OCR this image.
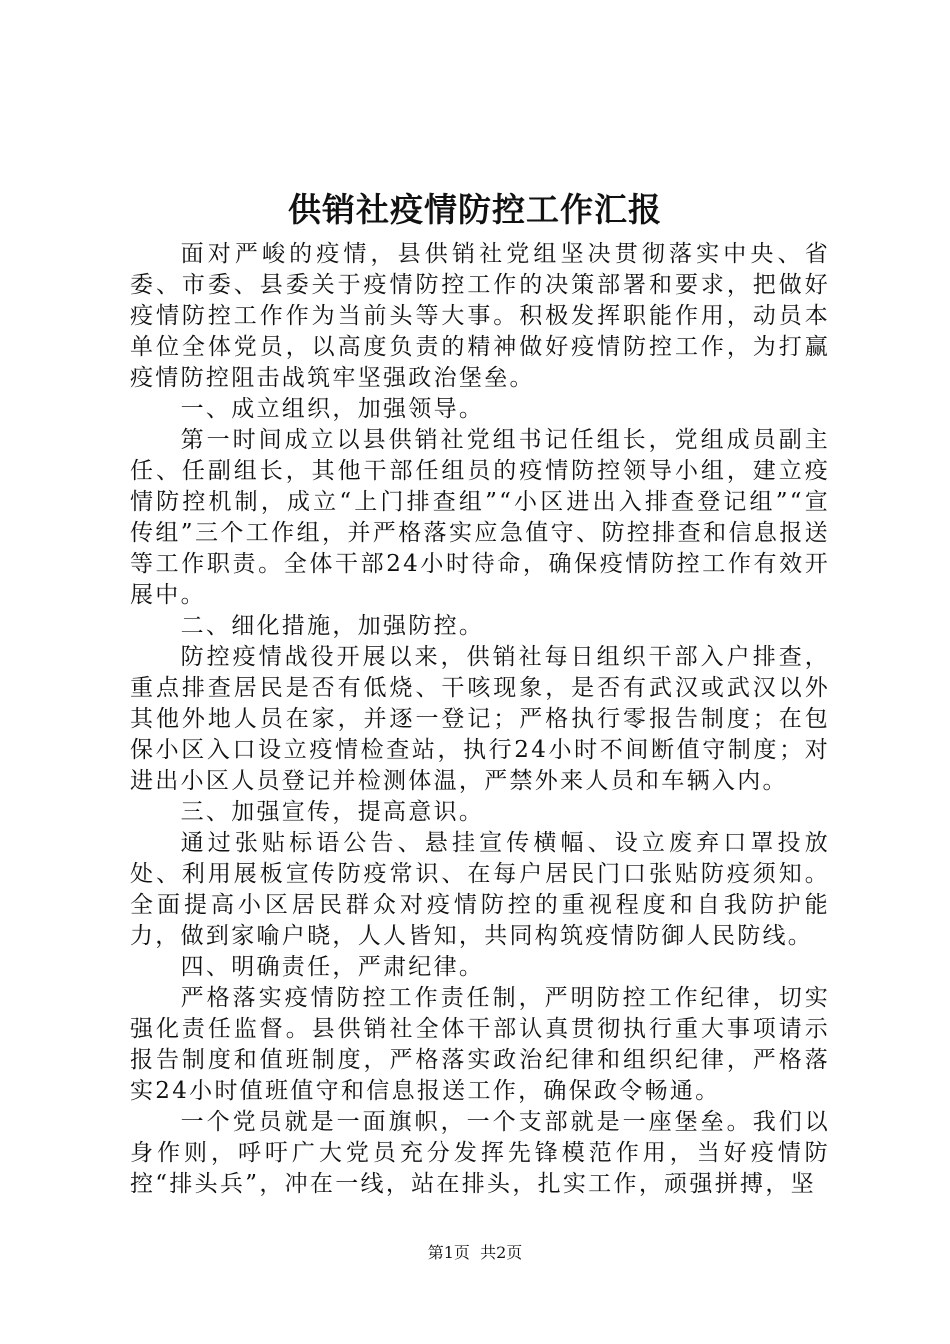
供销社疫情防控工作汇报

面对严峻的疫情，县供销社党组坚决贯彻落实中央、省委、市委、县委关于疫情防控工作的决策部署和要求，把做好疫情防控工作作为当前头等大事。积极发挥职能作用，动员本单位全体党员，以高度负责的精神做好疫情防控工作，为打赢疫情防控阻击战筑牢坚强政治堡垒。

一、成立组织，加强领导。

第一时间成立以县供销社党组书记任组长，党组成员副主任、任副组长，其他干部任组员的疫情防控领导小组，建立疫情防控机制，成立“上门排查组”“小区进出入排查登记组”“宣传组”三个工作组，并严格落实应急值守、防控排查和信息报送等工作职责。全体干部24小时待命，确保疫情防控工作有效开展中。

二、细化措施，加强防控。

防控疫情战役开展以来，供销社每日组织干部入户排查，重点排查居民是否有低烧、干咳现象，是否有武汉或武汉以外其他外地人员在家，并逐一登记；严格执行零报告制度；在包保小区入口设立疫情检查站，执行24小时不间断值守制度；对进出小区人员登记并检测体温，严禁外来人员和车辆入内。

三、加强宣传，提高意识。

通过张贴标语公告、悬挂宣传横幅、设立废弃口罩投放处、利用展板宣传防疫常识、在每户居民门口张贴防疫须知。全面提高小区居民群众对疫情防控的重视程度和自我防护能力，做到家喻户晓，人人皆知，共同构筑疫情防御人民防线。

四、明确责任，严肃纪律。

严格落实疫情防控工作责任制，严明防控工作纪律，切实强化责任监督。县供销社全体干部认真贯彻执行重大事项请示报告制度和值班制度，严格落实政治纪律和组织纪律，严格落实24小时值班值守和信息报送工作，确保政令畅通。

一个党员就是一面旗帜，一个支部就是一座堡垒。我们以身作则，呼吁广大党员充分发挥先锋模范作用，当好疫情防控“排头兵”，冲在一线，站在排头，扎实工作，顽强拼搏，坚

第1页 共2页
